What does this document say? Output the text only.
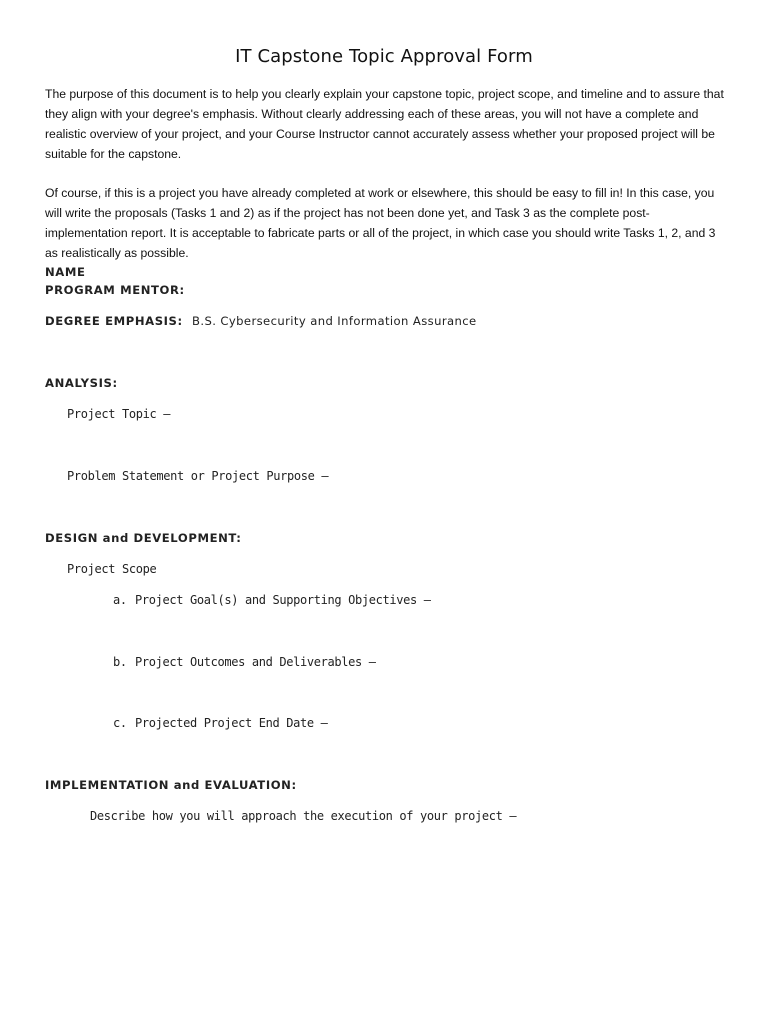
IT Capstone Topic Approval Form

The purpose of this document is to help you clearly explain your capstone topic, project scope, and timeline and to assure that they align with your degree's emphasis. Without clearly addressing each of these areas, you will not have a complete and realistic overview of your project, and your Course Instructor cannot accurately assess whether your proposed project will be suitable for the capstone.

Of course, if this is a project you have already completed at work or elsewhere, this should be easy to fill in! In this case, you will write the proposals (Tasks 1 and 2) as if the project has not been done yet, and Task 3 as the complete post-implementation report. It is acceptable to fabricate parts or all of the project, in which case you should write Tasks 1, 2, and 3 as realistically as possible.

NAME
PROGRAM MENTOR:
DEGREE EMPHASIS: B.S. Cybersecurity and Information Assurance
ANALYSIS:
Project Topic –
Problem Statement or Project Purpose –
DESIGN and DEVELOPMENT:
Project Scope
a. Project Goal(s) and Supporting Objectives –
b. Project Outcomes and Deliverables –
c. Projected Project End Date –
IMPLEMENTATION and EVALUATION:
Describe how you will approach the execution of your project –
